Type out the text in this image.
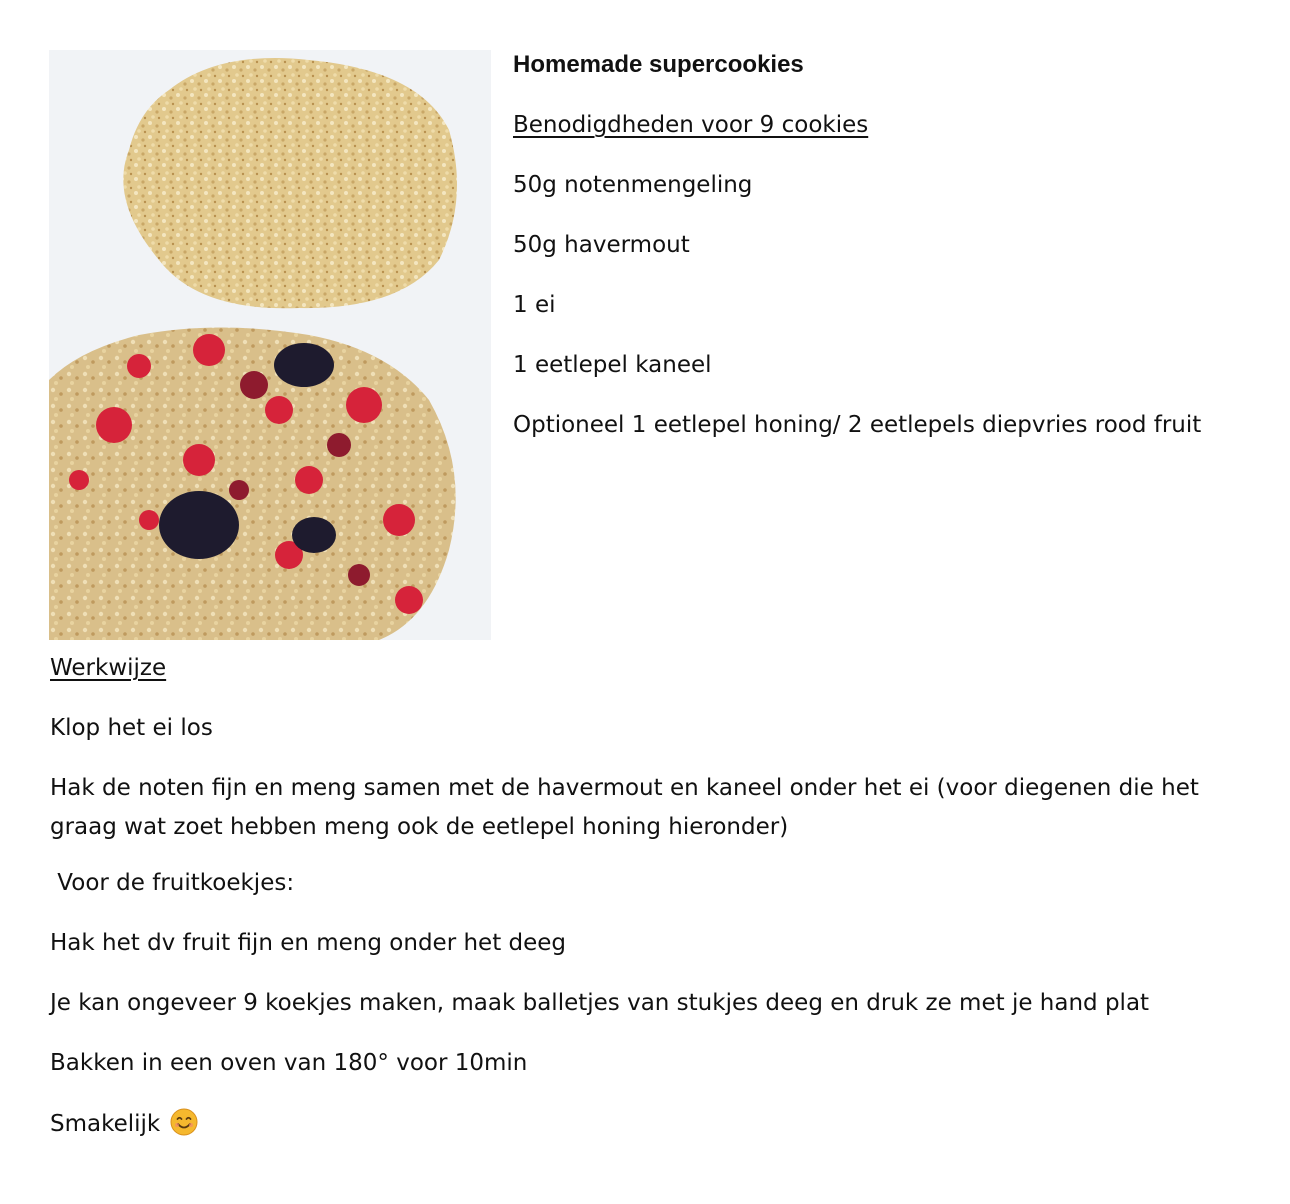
Homemade supercookies

Benodigdheden voor 9 cookies

50g notenmengeling

50g havermout

1 ei

1 eetlepel kaneel

Optioneel 1 eetlepel honing/ 2 eetlepels diepvries rood fruit

Werkwijze

Klop het ei los

Hak de noten fijn en meng samen met de havermout en kaneel onder het ei (voor diegenen die het graag wat zoet hebben meng ook de eetlepel honing hieronder)

Voor de fruitkoekjes:

Hak het dv fruit fijn en meng onder het deeg

Je kan ongeveer 9 koekjes maken, maak balletjes van stukjes deeg en druk ze met je hand plat

Bakken in een oven van 180° voor 10min

Smakelijk
